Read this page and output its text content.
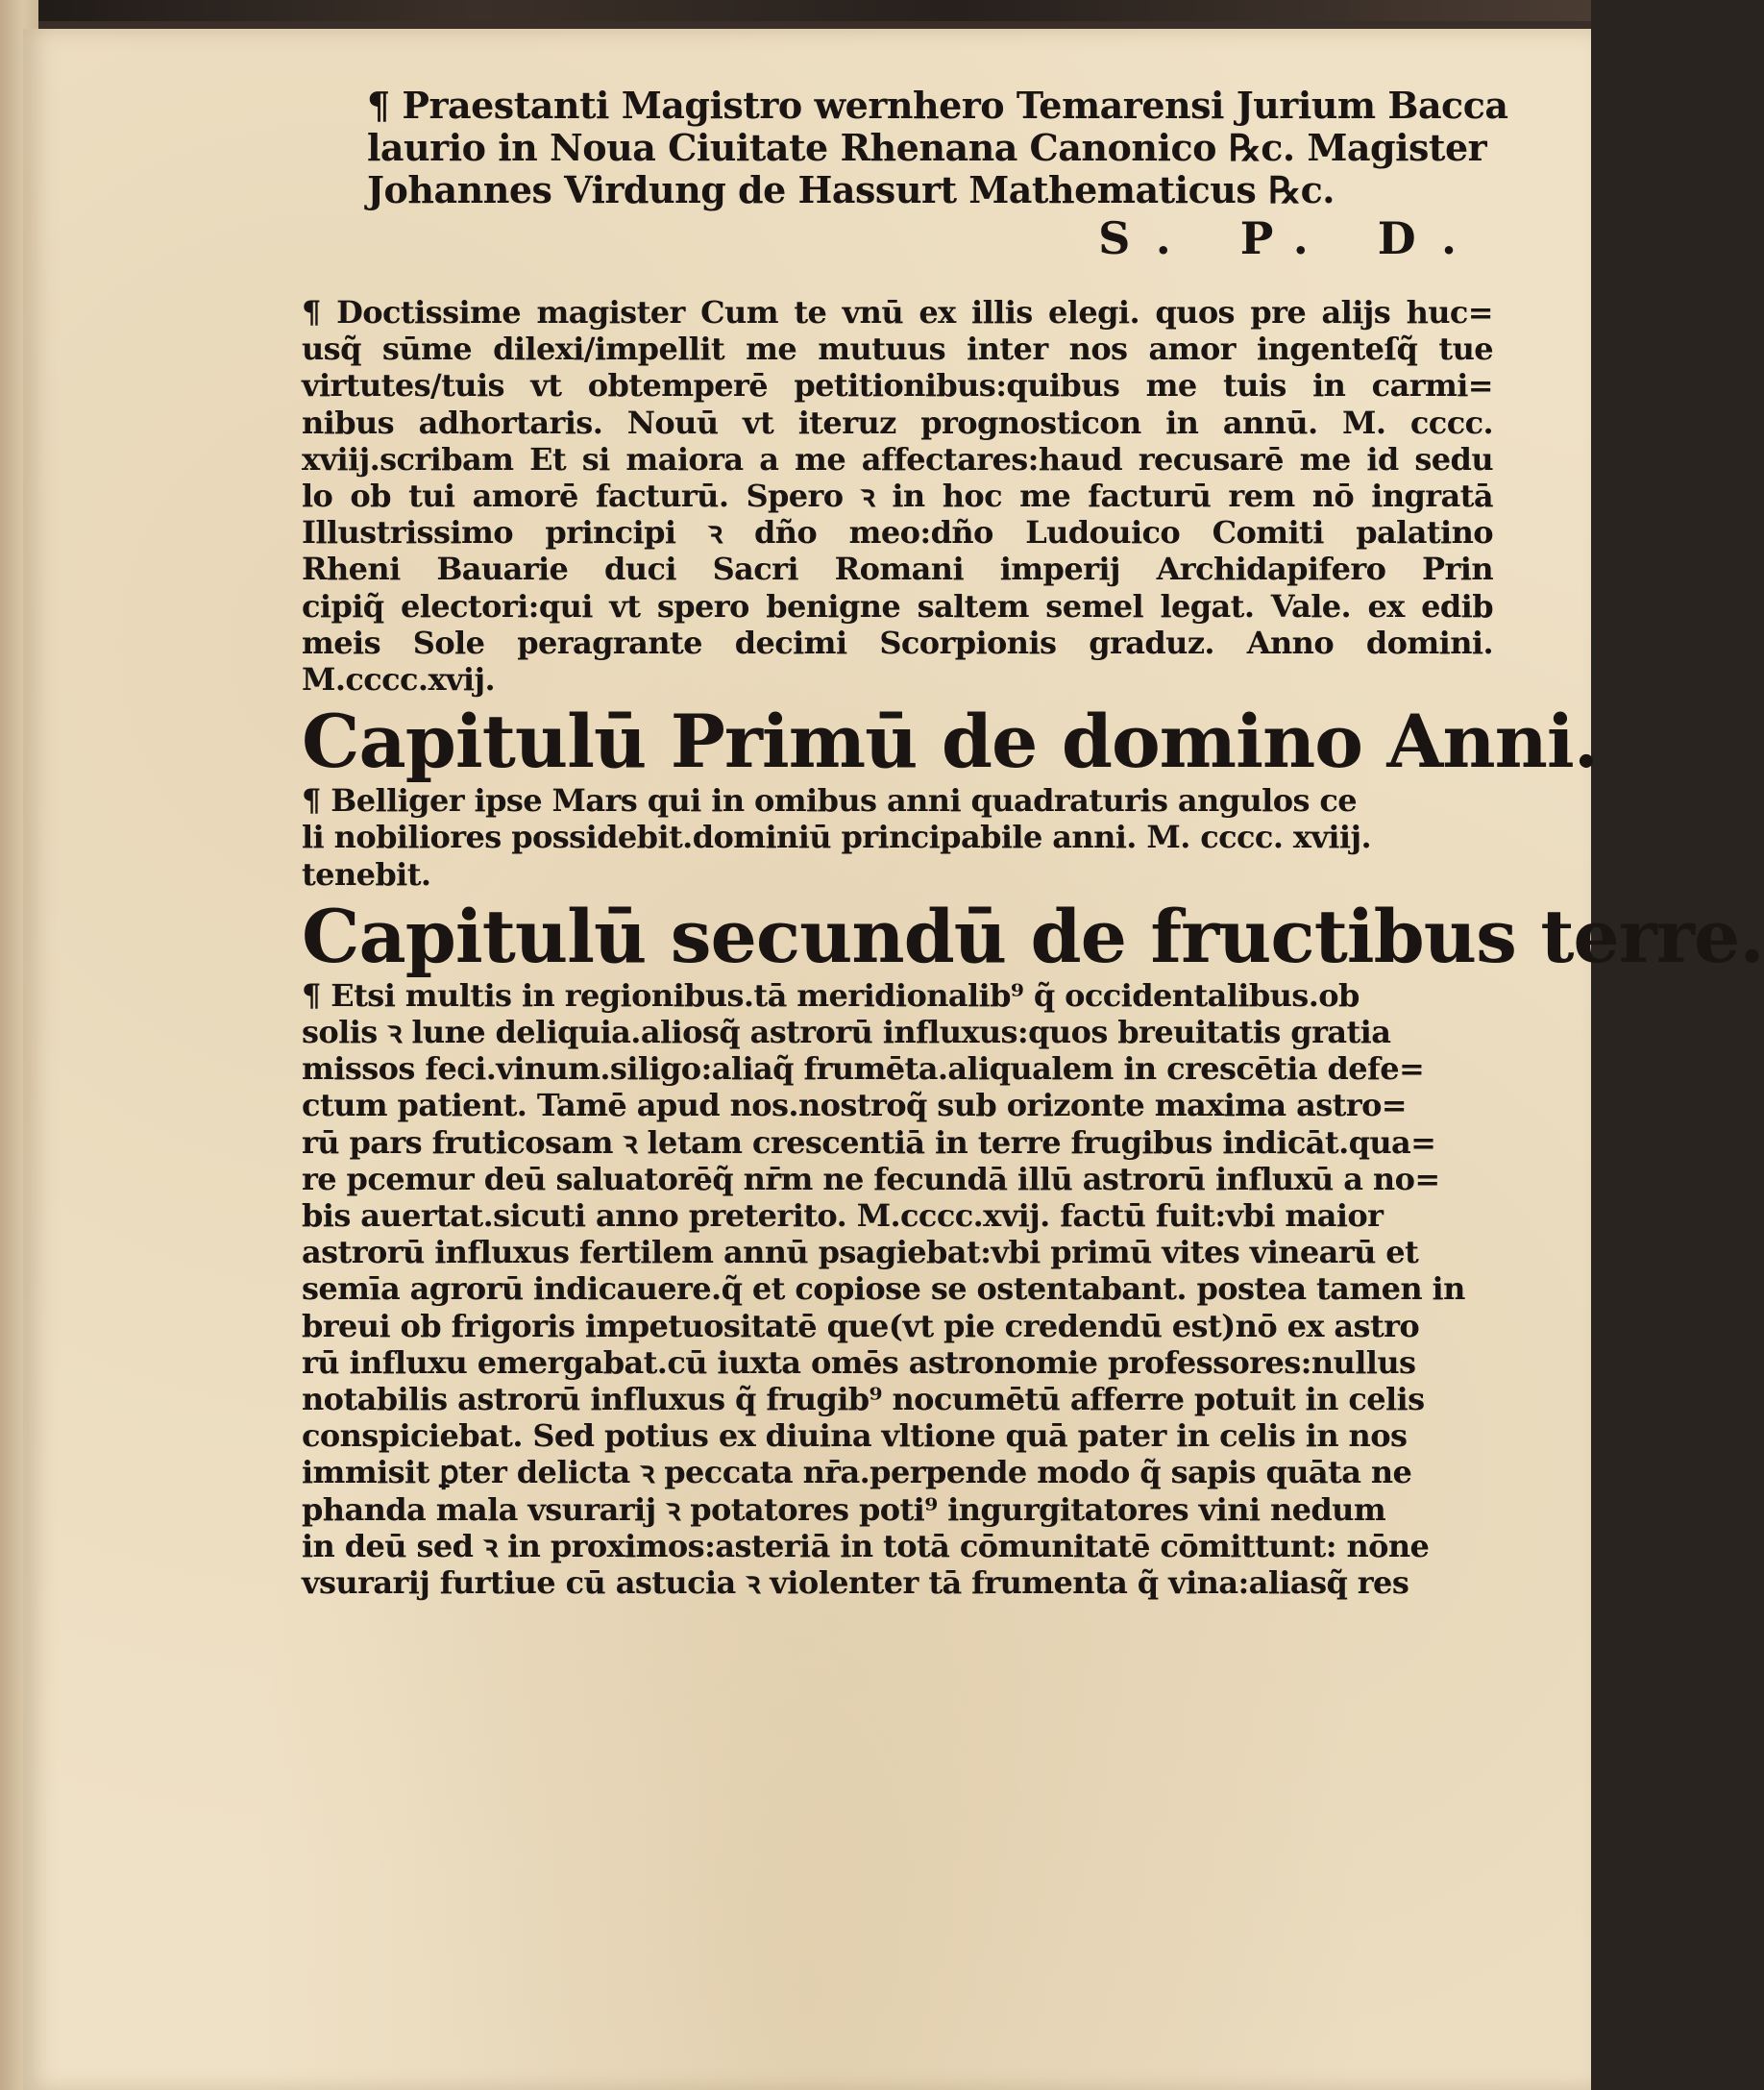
¶ Praestanti Magistro wernhero Temarensi Jurium Bacca
laurio in Noua Ciuitate Rhenana Canonico ℞c. Magister
Johannes Virdung de Hassurt Mathematicus ℞c.
S. P. D.
¶ Doctissime magister Cum te vnū ex illis elegi. quos pre alijs huc=
usq̃ sūme dilexi/impellit me mutuus inter nos amor ingenteſq̃ tue
virtutes/tuis vt obtemperē petitionibus:quibus me tuis in carmi=
nibus adhortaris. Nouū vt iteruz prognosticon in annū. M. cccc.
xviij.scribam Et si maiora a me affectares:haud recusarē me id sedu
lo ob tui amorē facturū. Spero ꝛ in hoc me facturū rem nō ingratā
Illustrissimo principi ꝛ dño meo:dño Ludouico Comiti palatino
Rheni Bauarie duci Sacri Romani imperij Archidapifero Prin
cipiq̃ electori:qui vt spero benigne saltem semel legat. Vale. ex edib
meis Sole peragrante decimi Scorpionis graduz. Anno domini.
M.cccc.xvij.
Capitulū Primū de domino Anni.
¶ Belliger ipse Mars qui in omibus anni quadraturis angulos ce
li nobiliores possidebit.dominiū principabile anni. M. cccc. xviij.
tenebit.
Capitulū secundū de fructibus terre.
¶ Etsi multis in regionibus.tā meridionalib⁹ q̃ occidentalibus.ob
solis ꝛ lune deliquia.aliosq̃ astrorū influxus:quos breuitatis gratia
missos feci.vinum.siligo:aliaq̃ frumēta.aliqualem in crescētia defe=
ctum patient. Tamē apud nos.nostroq̃ sub orizonte maxima astro=
rū pars fruticosam ꝛ letam crescentiā in terre frugibus indicāt.qua=
re pcemur deū saluatorēq̃ nr̄m ne fecundā illū astrorū influxū a no=
bis auertat.sicuti anno preterito. M.cccc.xvij. factū fuit:vbi maior
astrorū influxus fertilem annū psagiebat:vbi primū vites vinearū et
semīa agrorū indicauere.q̃ et copiose se ostentabant. postea tamen in
breui ob frigoris impetuositatē que(vt pie credendū est)nō ex astro
rū influxu emergabat.cū iuxta omēs astronomie professores:nullus
notabilis astrorū influxus q̃ frugib⁹ nocumētū afferre potuit in celis
conspiciebat. Sed potius ex diuina vltione quā pater in celis in nos
immisit ꝑter delicta ꝛ peccata nr̄a.perpende modo q̃ sapis quāta ne
phanda mala vsurarij ꝛ potatores poti⁹ ingurgitatores vini nedum
in deū sed ꝛ in proximos:asteriā in totā cōmunitatē cōmittunt: nōne
vsurarij furtiue cū astucia ꝛ violenter tā frumenta q̃ vina:aliasq̃ res
